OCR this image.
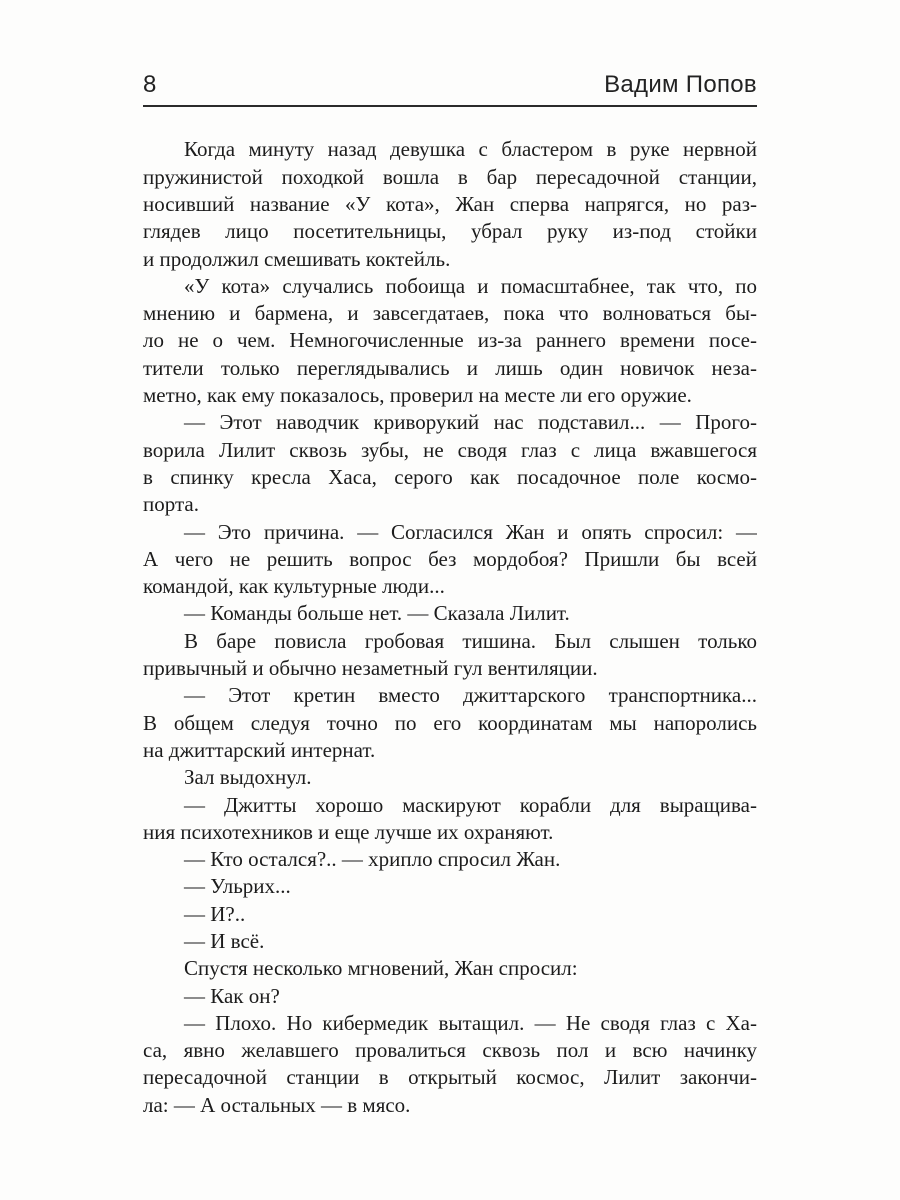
8	Вадим Попов
Когда минуту назад девушка с бластером в руке нервной
пружинистой походкой вошла в бар пересадочной станции,
носивший название «У кота», Жан сперва напрягся, но раз-
глядев лицо посетительницы, убрал руку из-под стойки
и продолжил смешивать коктейль.
«У кота» случались побоища и помасштабнее, так что, по
мнению и бармена, и завсегдатаев, пока что волноваться бы-
ло не о чем. Немногочисленные из-за раннего времени посе-
тители только переглядывались и лишь один новичок неза-
метно, как ему показалось, проверил на месте ли его оружие.
— Этот наводчик криворукий нас подставил... — Прого-
ворила Лилит сквозь зубы, не сводя глаз с лица вжавшегося
в спинку кресла Хаса, серого как посадочное поле космо-
порта.
— Это причина. — Согласился Жан и опять спросил: —
А чего не решить вопрос без мордобоя? Пришли бы всей
командой, как культурные люди...
— Команды больше нет. — Сказала Лилит.
В баре повисла гробовая тишина. Был слышен только
привычный и обычно незаметный гул вентиляции.
— Этот кретин вместо джиттарского транспортника...
В общем следуя точно по его координатам мы напоролись
на джиттарский интернат.
Зал выдохнул.
— Джитты хорошо маскируют корабли для выращива-
ния психотехников и еще лучше их охраняют.
— Кто остался?.. — хрипло спросил Жан.
— Ульрих...
— И?..
— И всё.
Спустя несколько мгновений, Жан спросил:
— Как он?
— Плохо. Но кибермедик вытащил. — Не сводя глаз с Ха-
са, явно желавшего провалиться сквозь пол и всю начинку
пересадочной станции в открытый космос, Лилит закончи-
ла: — А остальных — в мясо.
